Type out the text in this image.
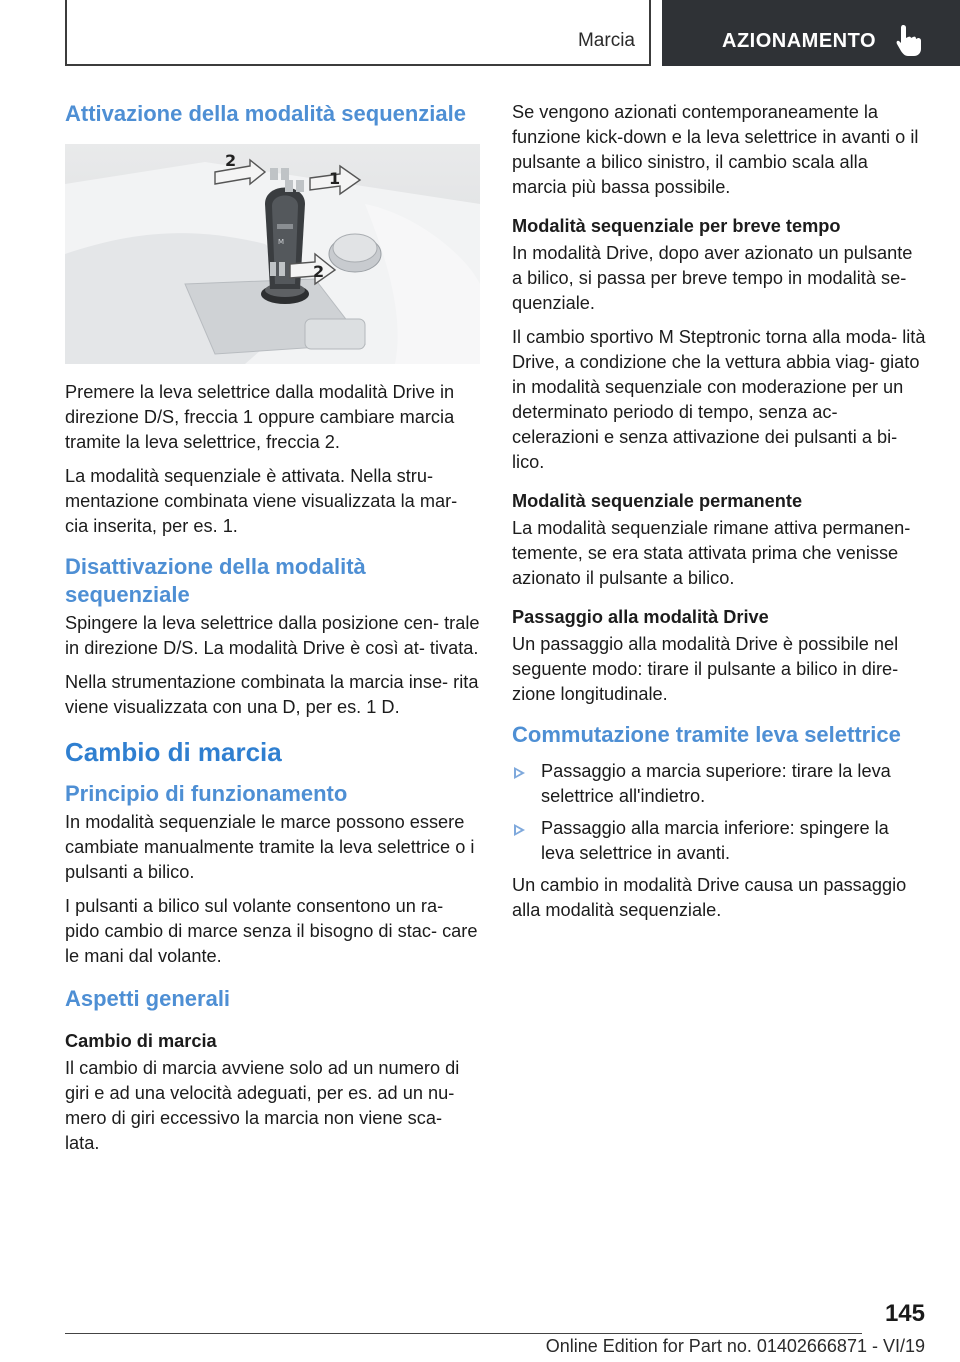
Marcia	AZIONAMENTO
Attivazione della modalità sequenziale
M
2
1
2

Premere la leva selettrice dalla modalità Drive in direzione D/S, freccia 1 oppure cambiare marcia tramite la leva selettrice, freccia 2.

La modalità sequenziale è attivata. Nella stru‐ mentazione combinata viene visualizzata la mar‐ cia inserita, per es. 1.

Disattivazione della modalità sequenziale

Spingere la leva selettrice dalla posizione cen‐ trale in direzione D/S. La modalità Drive è così at‐ tivata.

Nella strumentazione combinata la marcia inse‐ rita viene visualizzata con una D, per es. 1 D.

Cambio di marcia
Principio di funzionamento

In modalità sequenziale le marce possono essere cambiate manualmente tramite la leva selettrice o i pulsanti a bilico.

I pulsanti a bilico sul volante consentono un ra‐ pido cambio di marce senza il bisogno di stac‐ care le mani dal volante.

Aspetti generali
Cambio di marcia

Il cambio di marcia avviene solo ad un numero di giri e ad una velocità adeguati, per es. ad un nu‐ mero di giri eccessivo la marcia non viene sca‐ lata.

Se vengono azionati contemporaneamente la funzione kick-down e la leva selettrice in avanti o il pulsante a bilico sinistro, il cambio scala alla marcia più bassa possibile.

Modalità sequenziale per breve tempo

In modalità Drive, dopo aver azionato un pulsante a bilico, si passa per breve tempo in modalità se‐ quenziale.

Il cambio sportivo M Steptronic torna alla moda‐ lità Drive, a condizione che la vettura abbia viag‐ giato in modalità sequenziale con moderazione per un determinato periodo di tempo, senza ac‐ celerazioni e senza attivazione dei pulsanti a bi‐ lico.

Modalità sequenziale permanente

La modalità sequenziale rimane attiva permanen‐ temente, se era stata attivata prima che venisse azionato il pulsante a bilico.

Passaggio alla modalità Drive

Un passaggio alla modalità Drive è possibile nel seguente modo: tirare il pulsante a bilico in dire‐ zione longitudinale.

Commutazione tramite leva selettrice
Passaggio a marcia superiore: tirare la leva selettrice all'indietro.
Passaggio alla marcia inferiore: spingere la leva selettrice in avanti.

Un cambio in modalità Drive causa un passaggio alla modalità sequenziale.

145
Online Edition for Part no. 01402666871 - VI/19
